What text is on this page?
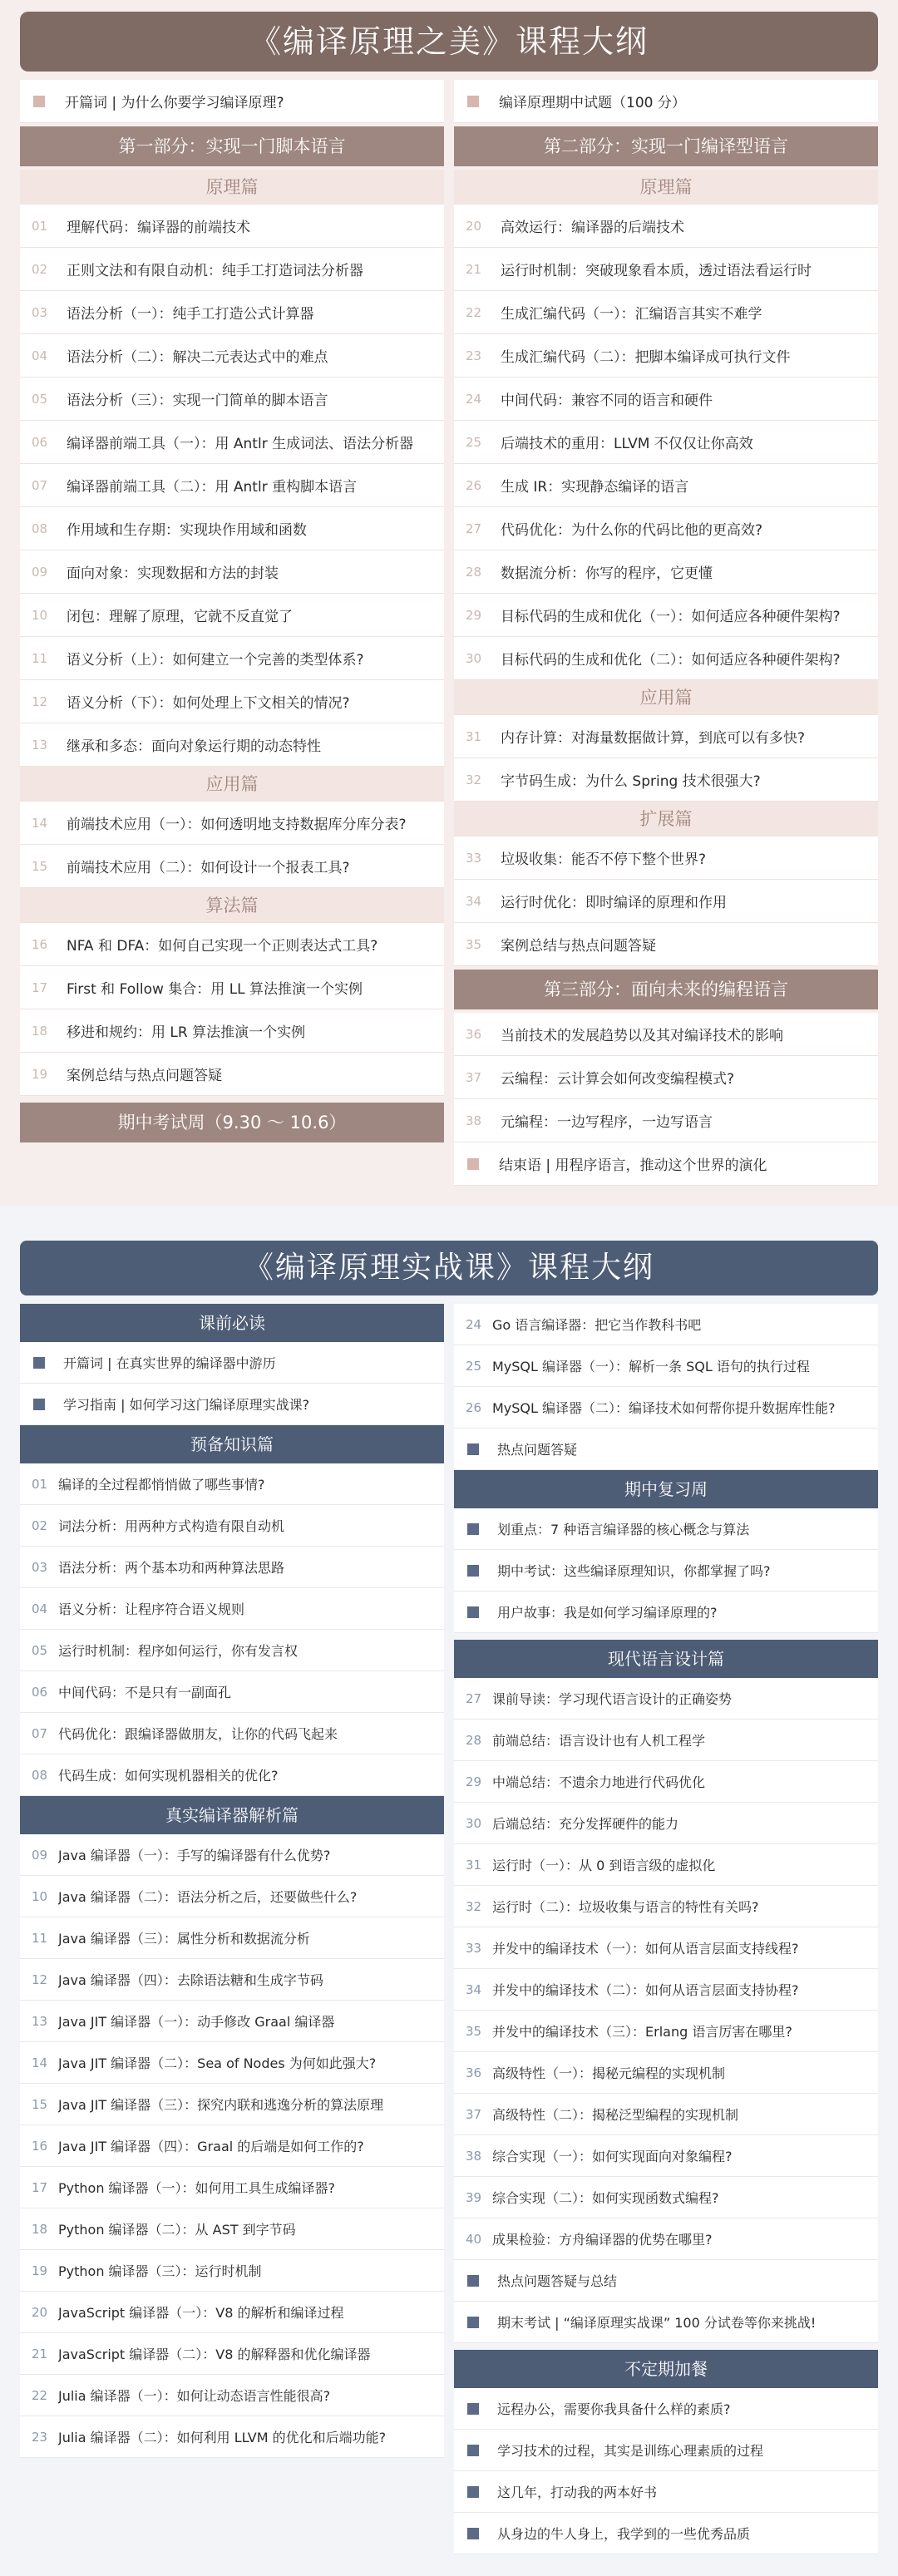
《编译原理之美》课程大纲
开篇词 | 为什么你要学习编译原理?
第一部分：实现一门脚本语言
原理篇
01	理解代码：编译器的前端技术
02	正则文法和有限自动机：纯手工打造词法分析器
03	语法分析（一）：纯手工打造公式计算器
04	语法分析（二）：解决二元表达式中的难点
05	语法分析（三）：实现一门简单的脚本语言
06	编译器前端工具（一）：用 Antlr 生成词法、语法分析器
07	编译器前端工具（二）：用 Antlr 重构脚本语言
08	作用域和生存期：实现块作用域和函数
09	面向对象：实现数据和方法的封装
10	闭包：理解了原理，它就不反直觉了
11	语义分析（上）：如何建立一个完善的类型体系?
12	语义分析（下）：如何处理上下文相关的情况?
13	继承和多态：面向对象运行期的动态特性
应用篇
14	前端技术应用（一）：如何透明地支持数据库分库分表?
15	前端技术应用（二）：如何设计一个报表工具?
算法篇
16	NFA 和 DFA：如何自己实现一个正则表达式工具?
17	First 和 Follow 集合：用 LL 算法推演一个实例
18	移进和规约：用 LR 算法推演一个实例
19	案例总结与热点问题答疑
期中考试周（9.30 ～ 10.6）
编译原理期中试题（100 分）
第二部分：实现一门编译型语言
原理篇
20	高效运行：编译器的后端技术
21	运行时机制：突破现象看本质，透过语法看运行时
22	生成汇编代码（一）：汇编语言其实不难学
23	生成汇编代码（二）：把脚本编译成可执行文件
24	中间代码：兼容不同的语言和硬件
25	后端技术的重用：LLVM 不仅仅让你高效
26	生成 IR：实现静态编译的语言
27	代码优化：为什么你的代码比他的更高效?
28	数据流分析：你写的程序，它更懂
29	目标代码的生成和优化（一）：如何适应各种硬件架构?
30	目标代码的生成和优化（二）：如何适应各种硬件架构?
应用篇
31	内存计算：对海量数据做计算，到底可以有多快?
32	字节码生成：为什么 Spring 技术很强大?
扩展篇
33	垃圾收集：能否不停下整个世界?
34	运行时优化：即时编译的原理和作用
35	案例总结与热点问题答疑
第三部分：面向未来的编程语言
36	当前技术的发展趋势以及其对编译技术的影响
37	云编程：云计算会如何改变编程模式?
38	元编程：一边写程序，一边写语言
结束语 | 用程序语言，推动这个世界的演化
《编译原理实战课》课程大纲
课前必读
开篇词 | 在真实世界的编译器中游历
学习指南 | 如何学习这门编译原理实战课?
预备知识篇
01 编译的全过程都悄悄做了哪些事情?
02 词法分析：用两种方式构造有限自动机
03 语法分析：两个基本功和两种算法思路
04 语义分析：让程序符合语义规则
05 运行时机制：程序如何运行，你有发言权
06 中间代码：不是只有一副面孔
07 代码优化：跟编译器做朋友，让你的代码飞起来
08 代码生成：如何实现机器相关的优化?
真实编译器解析篇
09 Java 编译器（一）：手写的编译器有什么优势?
10 Java 编译器（二）：语法分析之后，还要做些什么?
11 Java 编译器（三）：属性分析和数据流分析
12 Java 编译器（四）：去除语法糖和生成字节码
13 Java JIT 编译器（一）：动手修改 Graal 编译器
14 Java JIT 编译器（二）：Sea of Nodes 为何如此强大?
15 Java JIT 编译器（三）：探究内联和逃逸分析的算法原理
16 Java JIT 编译器（四）：Graal 的后端是如何工作的?
17 Python 编译器（一）：如何用工具生成编译器?
18 Python 编译器（二）：从 AST 到字节码
19 Python 编译器（三）：运行时机制
20 JavaScript 编译器（一）：V8 的解析和编译过程
21 JavaScript 编译器（二）：V8 的解释器和优化编译器
22 Julia 编译器（一）：如何让动态语言性能很高?
23 Julia 编译器（二）：如何利用 LLVM 的优化和后端功能?
24 Go 语言编译器：把它当作教科书吧
25 MySQL 编译器（一）：解析一条 SQL 语句的执行过程
26 MySQL 编译器（二）：编译技术如何帮你提升数据库性能?
热点问题答疑
期中复习周
划重点：7 种语言编译器的核心概念与算法
期中考试：这些编译原理知识，你都掌握了吗?
用户故事：我是如何学习编译原理的?
现代语言设计篇
27 课前导读：学习现代语言设计的正确姿势
28 前端总结：语言设计也有人机工程学
29 中端总结：不遗余力地进行代码优化
30 后端总结：充分发挥硬件的能力
31 运行时（一）：从 0 到语言级的虚拟化
32 运行时（二）：垃圾收集与语言的特性有关吗?
33 并发中的编译技术（一）：如何从语言层面支持线程?
34 并发中的编译技术（二）：如何从语言层面支持协程?
35 并发中的编译技术（三）：Erlang 语言厉害在哪里?
36 高级特性（一）：揭秘元编程的实现机制
37 高级特性（二）：揭秘泛型编程的实现机制
38 综合实现（一）：如何实现面向对象编程?
39 综合实现（二）：如何实现函数式编程?
40 成果检验：方舟编译器的优势在哪里?
热点问题答疑与总结
期末考试 | “编译原理实战课” 100 分试卷等你来挑战!
不定期加餐
远程办公，需要你我具备什么样的素质?
学习技术的过程，其实是训练心理素质的过程
这几年，打动我的两本好书
从身边的牛人身上，我学到的一些优秀品质
